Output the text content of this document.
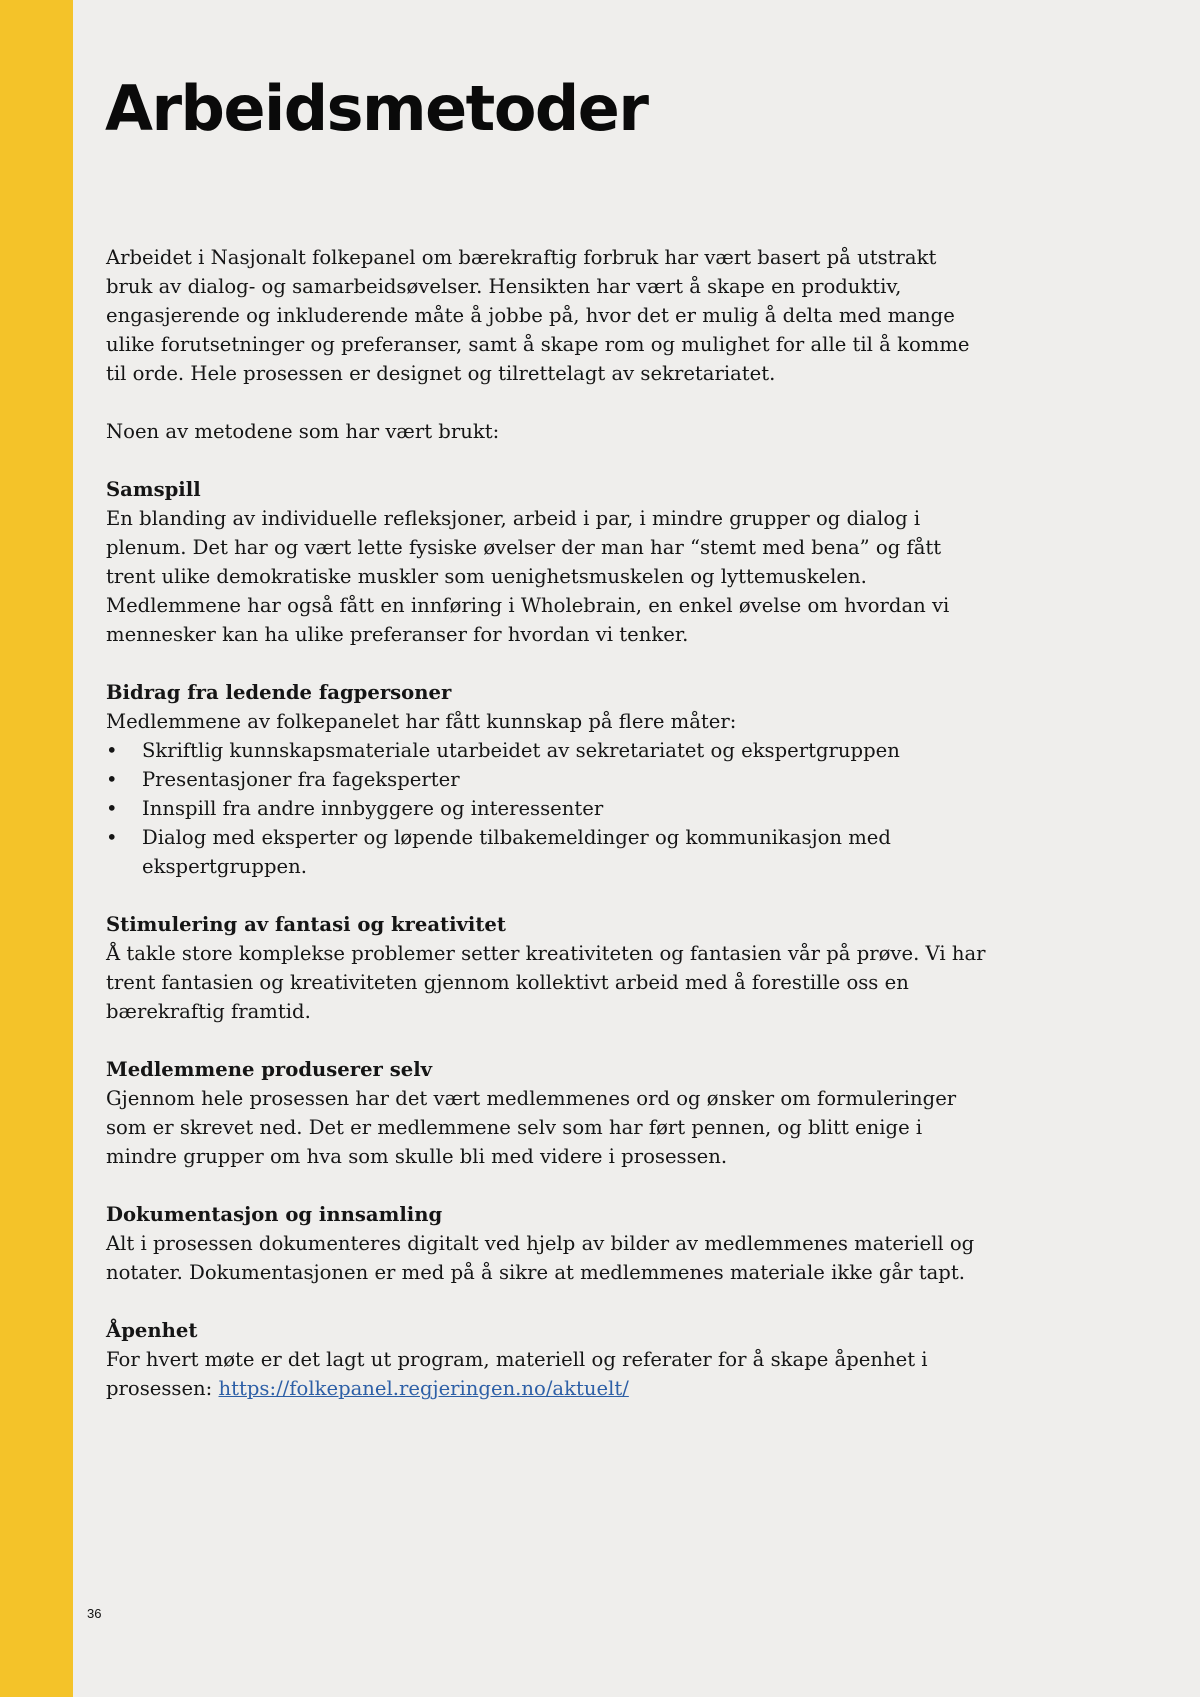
Arbeidsmetoder

Arbeidet i Nasjonalt folkepanel om bærekraftig forbruk har vært basert på utstrakt bruk av dialog- og samarbeidsøvelser. Hensikten har vært å skape en produktiv, engasjerende og inkluderende måte å jobbe på, hvor det er mulig å delta med mange ulike forutsetninger og preferanser, samt å skape rom og mulighet for alle til å komme til orde. Hele prosessen er designet og tilrettelagt av sekretariatet.

Noen av metodene som har vært brukt:

Samspill
En blanding av individuelle refleksjoner, arbeid i par, i mindre grupper og dialog i plenum. Det har og vært lette fysiske øvelser der man har “stemt med bena” og fått trent ulike demokratiske muskler som uenighetsmuskelen og lyttemuskelen. Medlemmene har også fått en innføring i Wholebrain, en enkel øvelse om hvordan vi mennesker kan ha ulike preferanser for hvordan vi tenker.
Bidrag fra ledende fagpersoner
Medlemmene av folkepanelet har fått kunnskap på flere måter:
• Skriftlig kunnskapsmateriale utarbeidet av sekretariatet og ekspertgruppen
• Presentasjoner fra fageksperter
• Innspill fra andre innbyggere og interessenter
• Dialog med eksperter og løpende tilbakemeldinger og kommunikasjon med ekspertgruppen.
Stimulering av fantasi og kreativitet
Å takle store komplekse problemer setter kreativiteten og fantasien vår på prøve. Vi har trent fantasien og kreativiteten gjennom kollektivt arbeid med å forestille oss en bærekraftig framtid.
Medlemmene produserer selv
Gjennom hele prosessen har det vært medlemmenes ord og ønsker om formuleringer som er skrevet ned. Det er medlemmene selv som har ført pennen, og blitt enige i mindre grupper om hva som skulle bli med videre i prosessen.
Dokumentasjon og innsamling
Alt i prosessen dokumenteres digitalt ved hjelp av bilder av medlemmenes materiell og notater. Dokumentasjonen er med på å sikre at medlemmenes materiale ikke går tapt.
Åpenhet
For hvert møte er det lagt ut program, materiell og referater for å skape åpenhet i prosessen: https://folkepanel.regjeringen.no/aktuelt/
36
